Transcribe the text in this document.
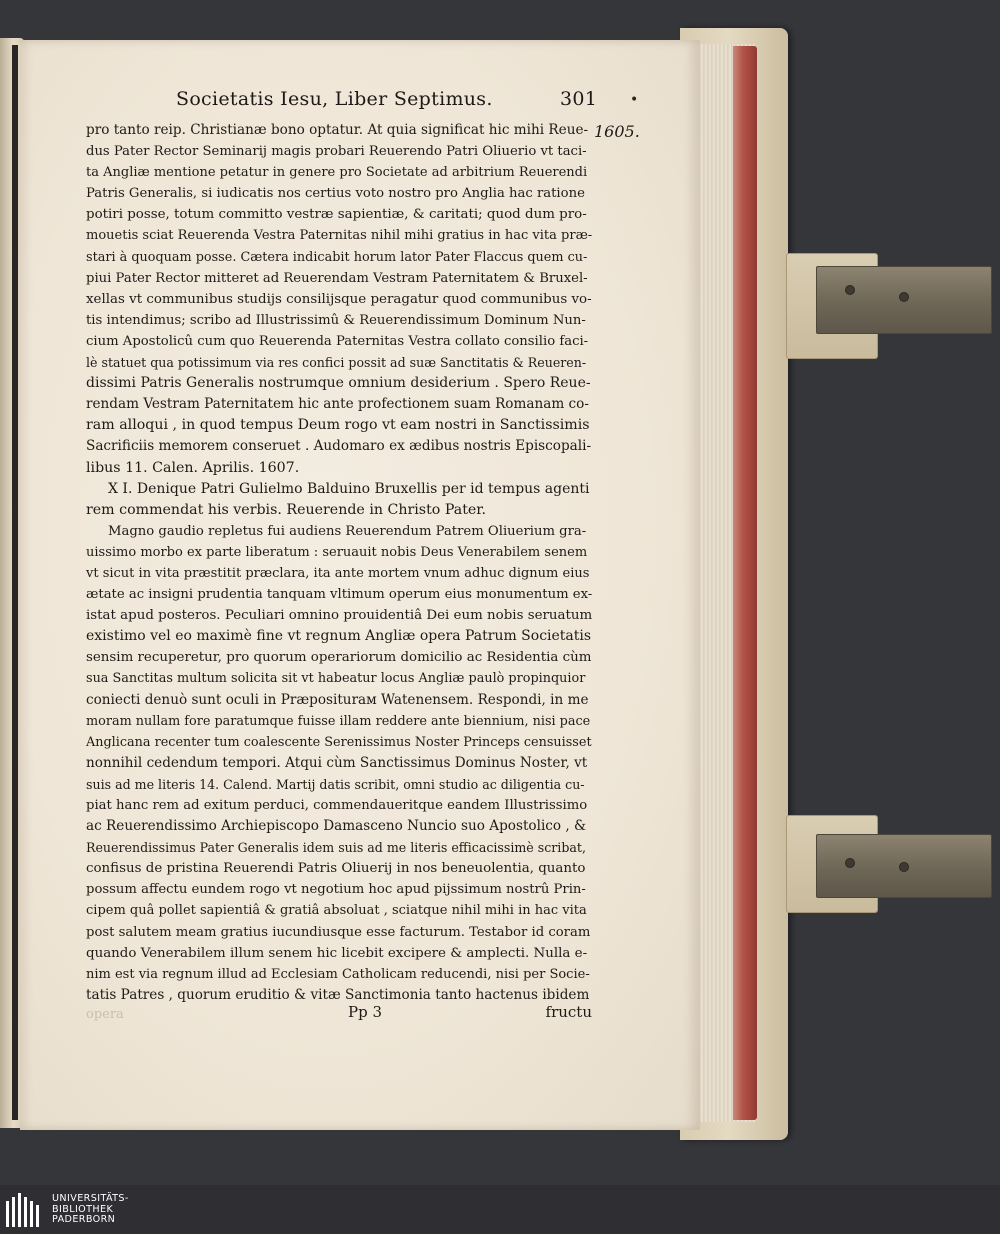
Societatis Iesu, Liber Septimus.	301 •
1605.
pro tanto reip. Christianæ bono optatur. At quia significat hic mihi Reue-
dus Pater Rector Seminarij magis probari Reuerendo Patri Oliuerio vt taci-
ta Angliæ mentione petatur in genere pro Societate ad arbitrium Reuerendi
Patris Generalis, si iudicatis nos certius voto nostro pro Anglia hac ratione
potiri posse, totum committo vestræ sapientiæ, & caritati; quod dum pro-
mouetis sciat Reuerenda Vestra Paternitas nihil mihi gratius in hac vita præ-
stari à quoquam posse. Cætera indicabit horum lator Pater Flaccus quem cu-
piui Pater Rector mitteret ad Reuerendam Vestram Paternitatem & Bruxel-
xellas vt communibus studijs consilijsque peragatur quod communibus vo-
tis intendimus; scribo ad Illustrissimû & Reuerendissimum Dominum Nun-
cium Apostolicû cum quo Reuerenda Paternitas Vestra collato consilio faci-
lè statuet qua potissimum via res confici possit ad suæ Sanctitatis & Reueren-
dissimi Patris Generalis nostrumque omnium desiderium . Spero Reue-
rendam Vestram Paternitatem hic ante profectionem suam Romanam co-
ram alloqui , in quod tempus Deum rogo vt eam nostri in Sanctissimis
Sacrificiis memorem conseruet . Audomaro ex ædibus nostris Episcopali-
libus 11. Calen. Aprilis. 1607.
X I. Denique Patri Gulielmo Balduino Bruxellis per id tempus agenti
rem commendat his verbis. Reuerende in Christo Pater.
Magno gaudio repletus fui audiens Reuerendum Patrem Oliuerium gra-
uissimo morbo ex parte liberatum : seruauit nobis Deus Venerabilem senem
vt sicut in vita præstitit præclara, ita ante mortem vnum adhuc dignum eius
ætate ac insigni prudentia tanquam vltimum operum eius monumentum ex-
istat apud posteros. Peculiari omnino prouidentiâ Dei eum nobis seruatum
existimo vel eo maximè fine vt regnum Angliæ opera Patrum Societatis
sensim recuperetur, pro quorum operariorum domicilio ac Residentia cùm
sua Sanctitas multum solicita sit vt habeatur locus Angliæ paulò propinquior
coniecti denuò sunt oculi in Præpositurам Watenensem. Respondi, in me
moram nullam fore paratumque fuisse illam reddere ante biennium, nisi pace
Anglicana recenter tum coalescente Serenissimus Noster Princeps censuisset
nonnihil cedendum tempori. Atqui cùm Sanctissimus Dominus Noster, vt
suis ad me literis 14. Calend. Martij datis scribit, omni studio ac diligentia cu-
piat hanc rem ad exitum perduci, commendaueritque eandem Illustrissimo
ac Reuerendissimo Archiepiscopo Damasceno Nuncio suo Apostolico , &
Reuerendissimus Pater Generalis idem suis ad me literis efficacissimè scribat,
confisus de pristina Reuerendi Patris Oliuerij in nos beneuolentia, quanto
possum affectu eundem rogo vt negotium hoc apud pijssimum nostrû Prin-
cipem quâ pollet sapientiâ & gratiâ absoluat , sciatque nihil mihi in hac vita
post salutem meam gratius iucundiusque esse facturum. Testabor id coram
quando Venerabilem illum senem hic licebit excipere & amplecti. Nulla e-
nim est via regnum illud ad Ecclesiam Catholicam reducendi, nisi per Socie-
tatis Patres , quorum eruditio & vitæ Sanctimonia tanto hactenus ibidem
opera	Pp 3	fructu
UNIVERSITÄTS-
BIBLIOTHEK
PADERBORN
